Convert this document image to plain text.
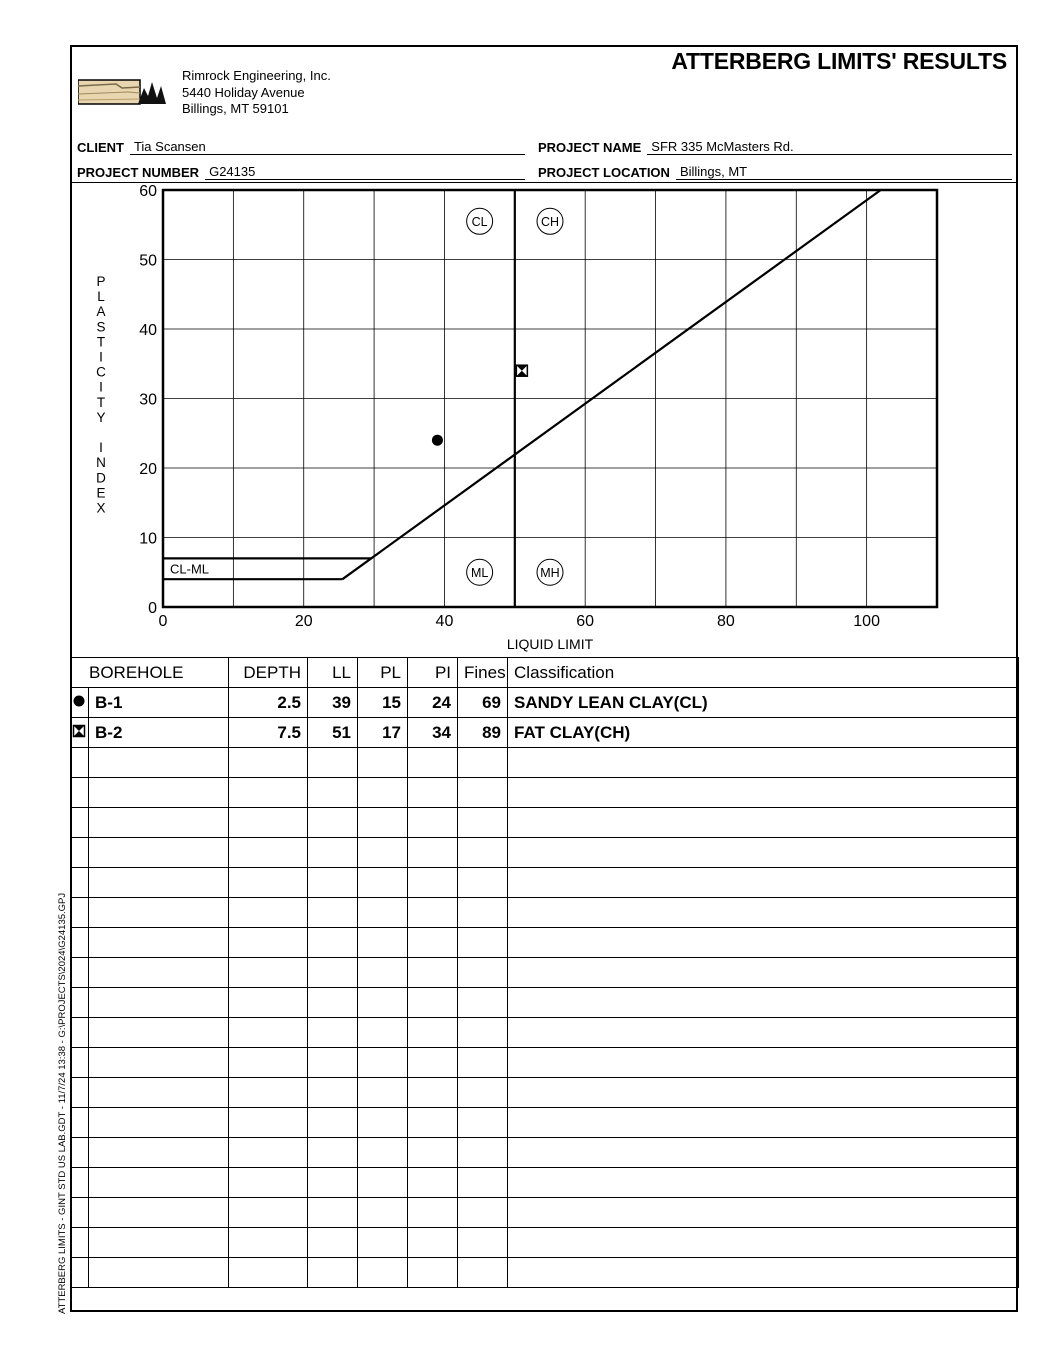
Rimrock Engineering, Inc.
5440 Holiday Avenue
Billings, MT 59101
ATTERBERG LIMITS' RESULTS
CLIENT Tia Scansen	PROJECT NAME SFR 335 McMasters Rd.
PROJECT NUMBER G24135	PROJECT LOCATION Billings, MT
CL	CH
ML	MH
CL-ML
0	20	40	60	80	100
0
10
20
30
40
50
60
LIQUID LIMIT
P L A S T I C I T Y I N D E X
BOREHOLE		DEPTH	LL	PL	PI	Fines	Classification
	B-1	2.5	39	15	24	69	SANDY LEAN CLAY(CL)
	B-2	7.5	51	17	34	89	FAT CLAY(CH)

ATTERBERG LIMITS - GINT STD US LAB.GDT - 11/7/24 13:38 - G:\PROJECTS\2024\G24135.GPJ
